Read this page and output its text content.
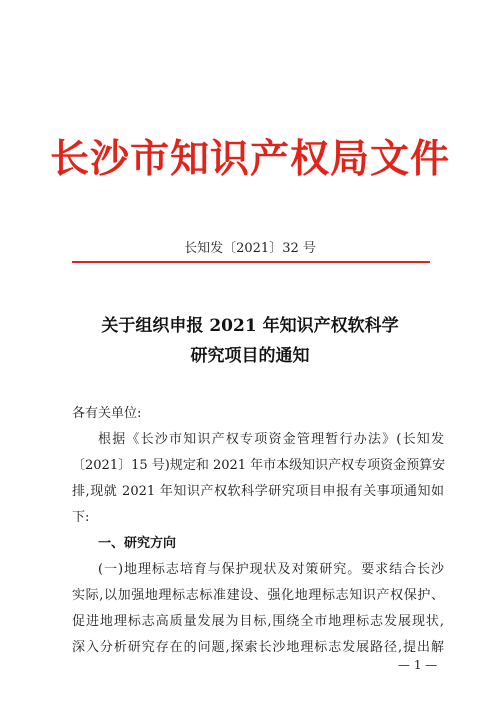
长沙市知识产权局文件
长知发〔2021〕32 号
关于组织申报 2021 年知识产权软科学
研究项目的通知
各有关单位:
根据《长沙市知识产权专项资金管理暂行办法》(长知发
〔2021〕15 号)规定和 2021 年市本级知识产权专项资金预算安
排,现就 2021 年知识产权软科学研究项目申报有关事项通知如
下:
一、研究方向
(一)地理标志培育与保护现状及对策研究。要求结合长沙
实际,以加强地理标志标准建设、强化地理标志知识产权保护、
促进地理标志高质量发展为目标,围绕全市地理标志发展现状,
深入分析研究存在的问题,探索长沙地理标志发展路径,提出解
— 1 —
